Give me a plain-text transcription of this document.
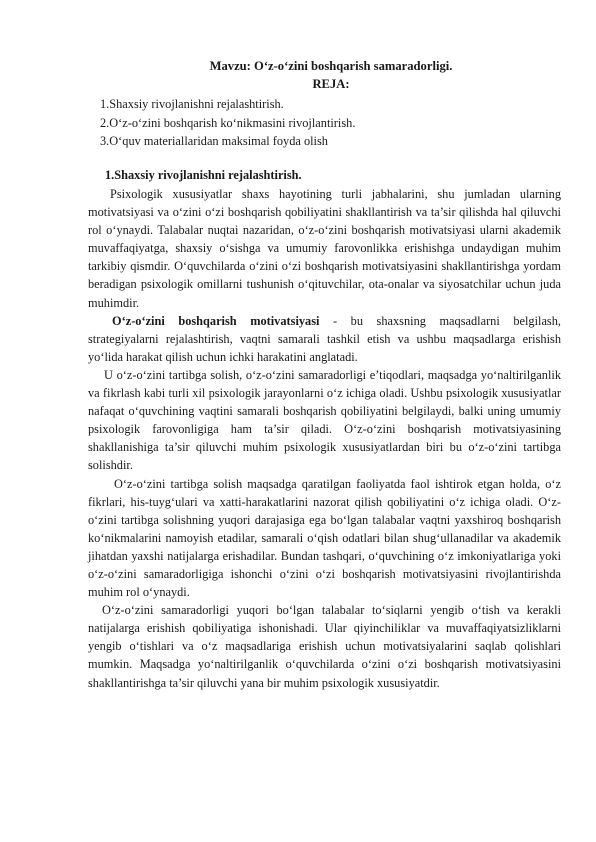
Mavzu: O‘z-o‘zini boshqarish samaradorligi.
REJA:
1.Shaxsiy rivojlanishni rejalashtirish.
2.O‘z-o‘zini boshqarish ko‘nikmasini rivojlantirish.
3.O‘quv materiallaridan maksimal foyda olish
1.Shaxsiy rivojlanishni rejalashtirish.

Psixologik xususiyatlar shaxs hayotining turli jabhalarini, shu jumladan ularning motivatsiyasi va o‘zini o‘zi boshqarish qobiliyatini shakllantirish va ta’sir qilishda hal qiluvchi rol o‘ynaydi. Talabalar nuqtai nazaridan, o‘z-o‘zini boshqarish motivatsiyasi ularni akademik muvaffaqiyatga, shaxsiy o‘sishga va umumiy farovonlikka erishishga undaydigan muhim tarkibiy qismdir. O‘quvchilarda o‘zini o‘zi boshqarish motivatsiyasini shakllantirishga yordam beradigan psixologik omillarni tushunish o‘qituvchilar, ota-onalar va siyosatchilar uchun juda muhimdir.

O‘z-o‘zini boshqarish motivatsiyasi - bu shaxsning maqsadlarni belgilash, strategiyalarni rejalashtirish, vaqtni samarali tashkil etish va ushbu maqsadlarga erishish yo‘lida harakat qilish uchun ichki harakatini anglatadi.

U o‘z-o‘zini tartibga solish, o‘z-o‘zini samaradorligi e’tiqodlari, maqsadga yo‘naltirilganlik va fikrlash kabi turli xil psixologik jarayonlarni o‘z ichiga oladi. Ushbu psixologik xususiyatlar nafaqat o‘quvchining vaqtini samarali boshqarish qobiliyatini belgilaydi, balki uning umumiy psixologik farovonligiga ham ta’sir qiladi. O‘z-o‘zini boshqarish motivatsiyasining shakllanishiga ta’sir qiluvchi muhim psixologik xususiyatlardan biri bu o‘z-o‘zini tartibga solishdir.

O‘z-o‘zini tartibga solish maqsadga qaratilgan faoliyatda faol ishtirok etgan holda, o‘z fikrlari, his-tuyg‘ulari va xatti-harakatlarini nazorat qilish qobiliyatini o‘z ichiga oladi. O‘z-o‘zini tartibga solishning yuqori darajasiga ega bo‘lgan talabalar vaqtni yaxshiroq boshqarish ko‘nikmalarini namoyish etadilar, samarali o‘qish odatlari bilan shug‘ullanadilar va akademik jihatdan yaxshi natijalarga erishadilar. Bundan tashqari, o‘quvchining o‘z imkoniyatlariga yoki o‘z-o‘zini samaradorligiga ishonchi o‘zini o‘zi boshqarish motivatsiyasini rivojlantirishda muhim rol o‘ynaydi.

O‘z-o‘zini samaradorligi yuqori bo‘lgan talabalar to‘siqlarni yengib o‘tish va kerakli natijalarga erishish qobiliyatiga ishonishadi. Ular qiyinchiliklar va muvaffaqiyatsizliklarni yengib o‘tishlari va o‘z maqsadlariga erishish uchun motivatsiyalarini saqlab qolishlari mumkin. Maqsadga yo‘naltirilganlik o‘quvchilarda o‘zini o‘zi boshqarish motivatsiyasini shakllantirishga ta’sir qiluvchi yana bir muhim psixologik xususiyatdir.
